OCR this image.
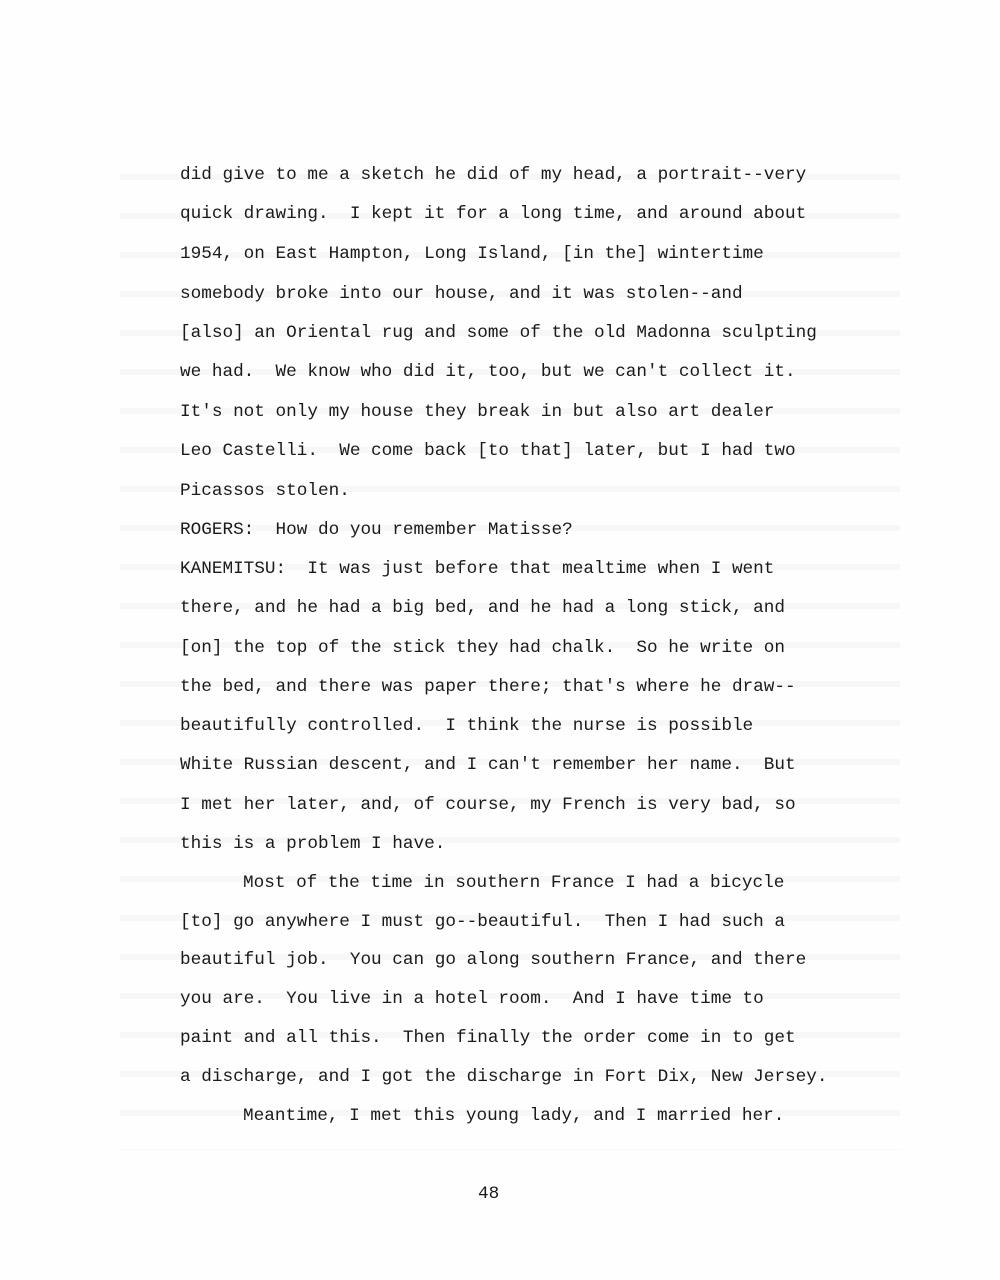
did give to me a sketch he did of my head, a portrait--very

quick drawing.  I kept it for a long time, and around about

1954, on East Hampton, Long Island, [in the] wintertime

somebody broke into our house, and it was stolen--and

[also] an Oriental rug and some of the old Madonna sculpting

we had.  We know who did it, too, but we can't collect it.

It's not only my house they break in but also art dealer

Leo Castelli.  We come back [to that] later, but I had two

Picassos stolen.

ROGERS:  How do you remember Matisse?

KANEMITSU:  It was just before that mealtime when I went

there, and he had a big bed, and he had a long stick, and

[on] the top of the stick they had chalk.  So he write on

the bed, and there was paper there; that's where he draw--

beautifully controlled.  I think the nurse is possible

White Russian descent, and I can't remember her name.  But

I met her later, and, of course, my French is very bad, so

this is a problem I have.

Most of the time in southern France I had a bicycle

[to] go anywhere I must go--beautiful.  Then I had such a

beautiful job.  You can go along southern France, and there

you are.  You live in a hotel room.  And I have time to

paint and all this.  Then finally the order come in to get

a discharge, and I got the discharge in Fort Dix, New Jersey.

Meantime, I met this young lady, and I married her.

48
